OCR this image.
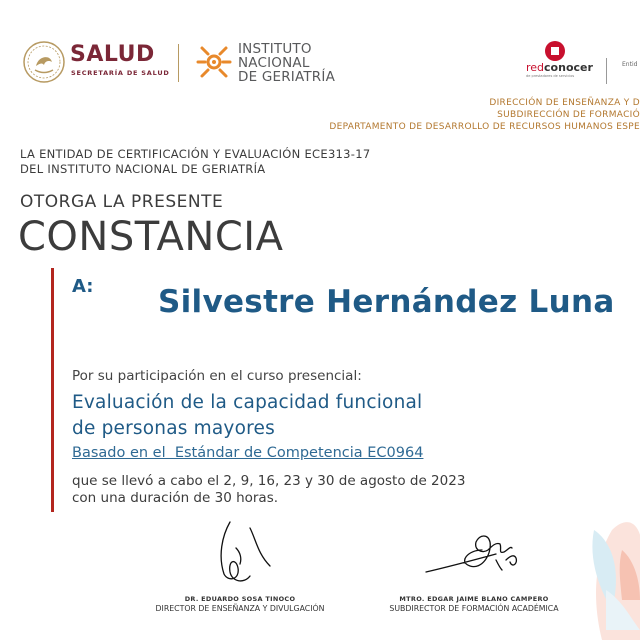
SALUD
SECRETARÍA DE SALUD
INSTITUTO
NACIONAL
DE GERIATRÍA
redconocer
de prestadores de servicios
Entid
DIRECCIÓN DE ENSEÑANZA Y D
SUBDIRECCIÓN DE FORMACIÓ
DEPARTAMENTO DE DESARROLLO DE RECURSOS HUMANOS ESPE
LA ENTIDAD DE CERTIFICACIÓN Y EVALUACIÓN ECE313-17
DEL INSTITUTO NACIONAL DE GERIATRÍA
OTORGA LA PRESENTE
CONSTANCIA
A: Silvestre Hernández Luna
Por su participación en el curso presencial:
Evaluación de la capacidad funcional
de personas mayores
Basado en el  Estándar de Competencia EC0964
que se llevó a cabo el 2, 9, 16, 23 y 30 de agosto de 2023
con una duración de 30 horas.
DR. EDUARDO SOSA TINOCO
DIRECTOR DE ENSEÑANZA Y DIVULGACIÓN
MTRO. EDGAR JAIME BLANO CAMPERO
SUBDIRECTOR DE FORMACIÓN ACADÉMICA
